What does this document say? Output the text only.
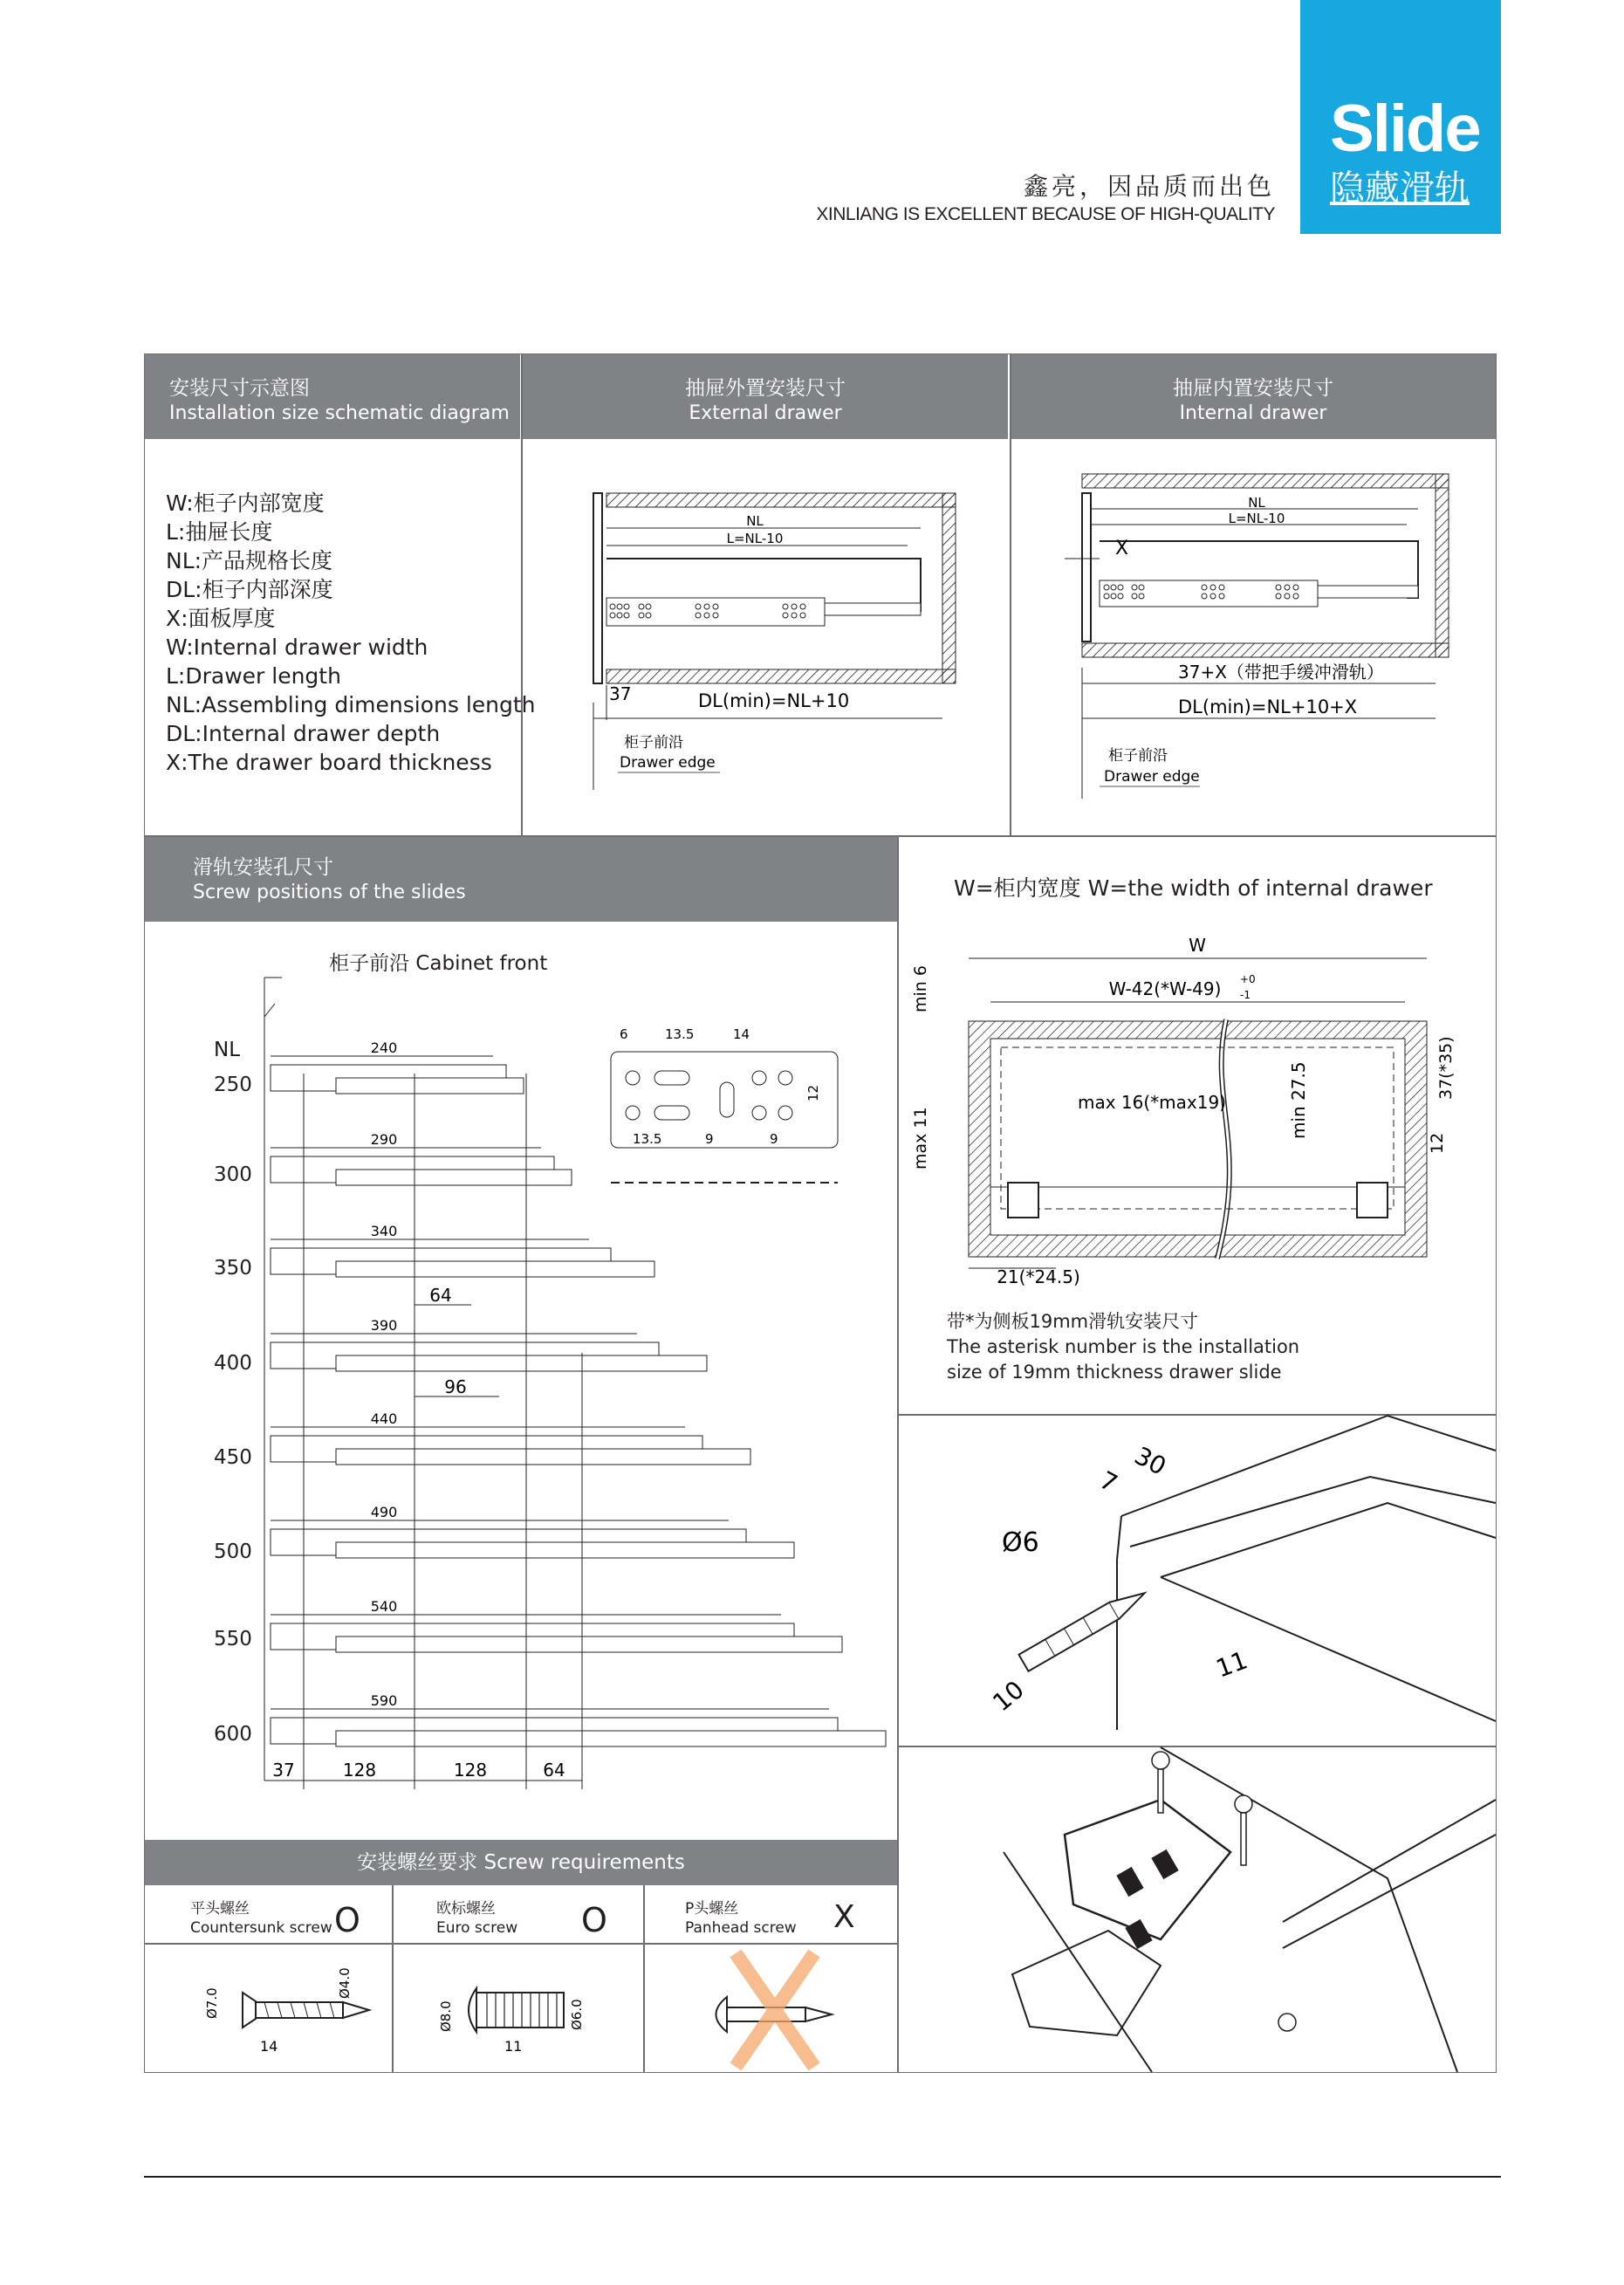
Slide
隐藏滑轨
鑫亮，因品质而出色
XINLIANG IS EXCELLENT BECAUSE OF HIGH-QUALITY
安装尺寸示意图
Installation size schematic diagram
抽屉外置安装尺寸
External drawer
抽屉内置安装尺寸
Internal drawer
W:柜子内部宽度
L:抽屉长度
NL:产品规格长度
DL:柜子内部深度
X:面板厚度
W:Internal drawer width
L:Drawer length
NL:Assembling dimensions length
DL:Internal drawer depth
X:The drawer board thickness
NL
L=NL-10
37	DL(min)=NL+10
柜子前沿
Drawer edge
NL
L=NL-10
X
37+X（带把手缓冲滑轨）
DL(min)=NL+10+X
柜子前沿
Drawer edge
滑轨安装孔尺寸
Screw positions of the slides
柜子前沿 Cabinet front
NL
250
300
350
400
450
500
550
600
240
290
340
390
440
490
540
590
64
96
37	128	128	64
6	13.5	14
12
13.5	9	9
W=柜内宽度 W=the width of internal drawer
W
W-42(*W-49) +0
-1
max 16(*max19)	min 27.5
min 6
max 11	12
37(*35)
21(*24.5)
带*为侧板19mm滑轨安装尺寸
The asterisk number is the installation
size of 19mm thickness drawer slide
30
7
Ø6
10
11
安装螺丝要求 Screw requirements
平头螺丝
Countersunk screw O	欧标螺丝
Euro screw O	P头螺丝
Panhead screw X
Ø7.0
Ø4.0
14
Ø8.0	Ø6.0
11
